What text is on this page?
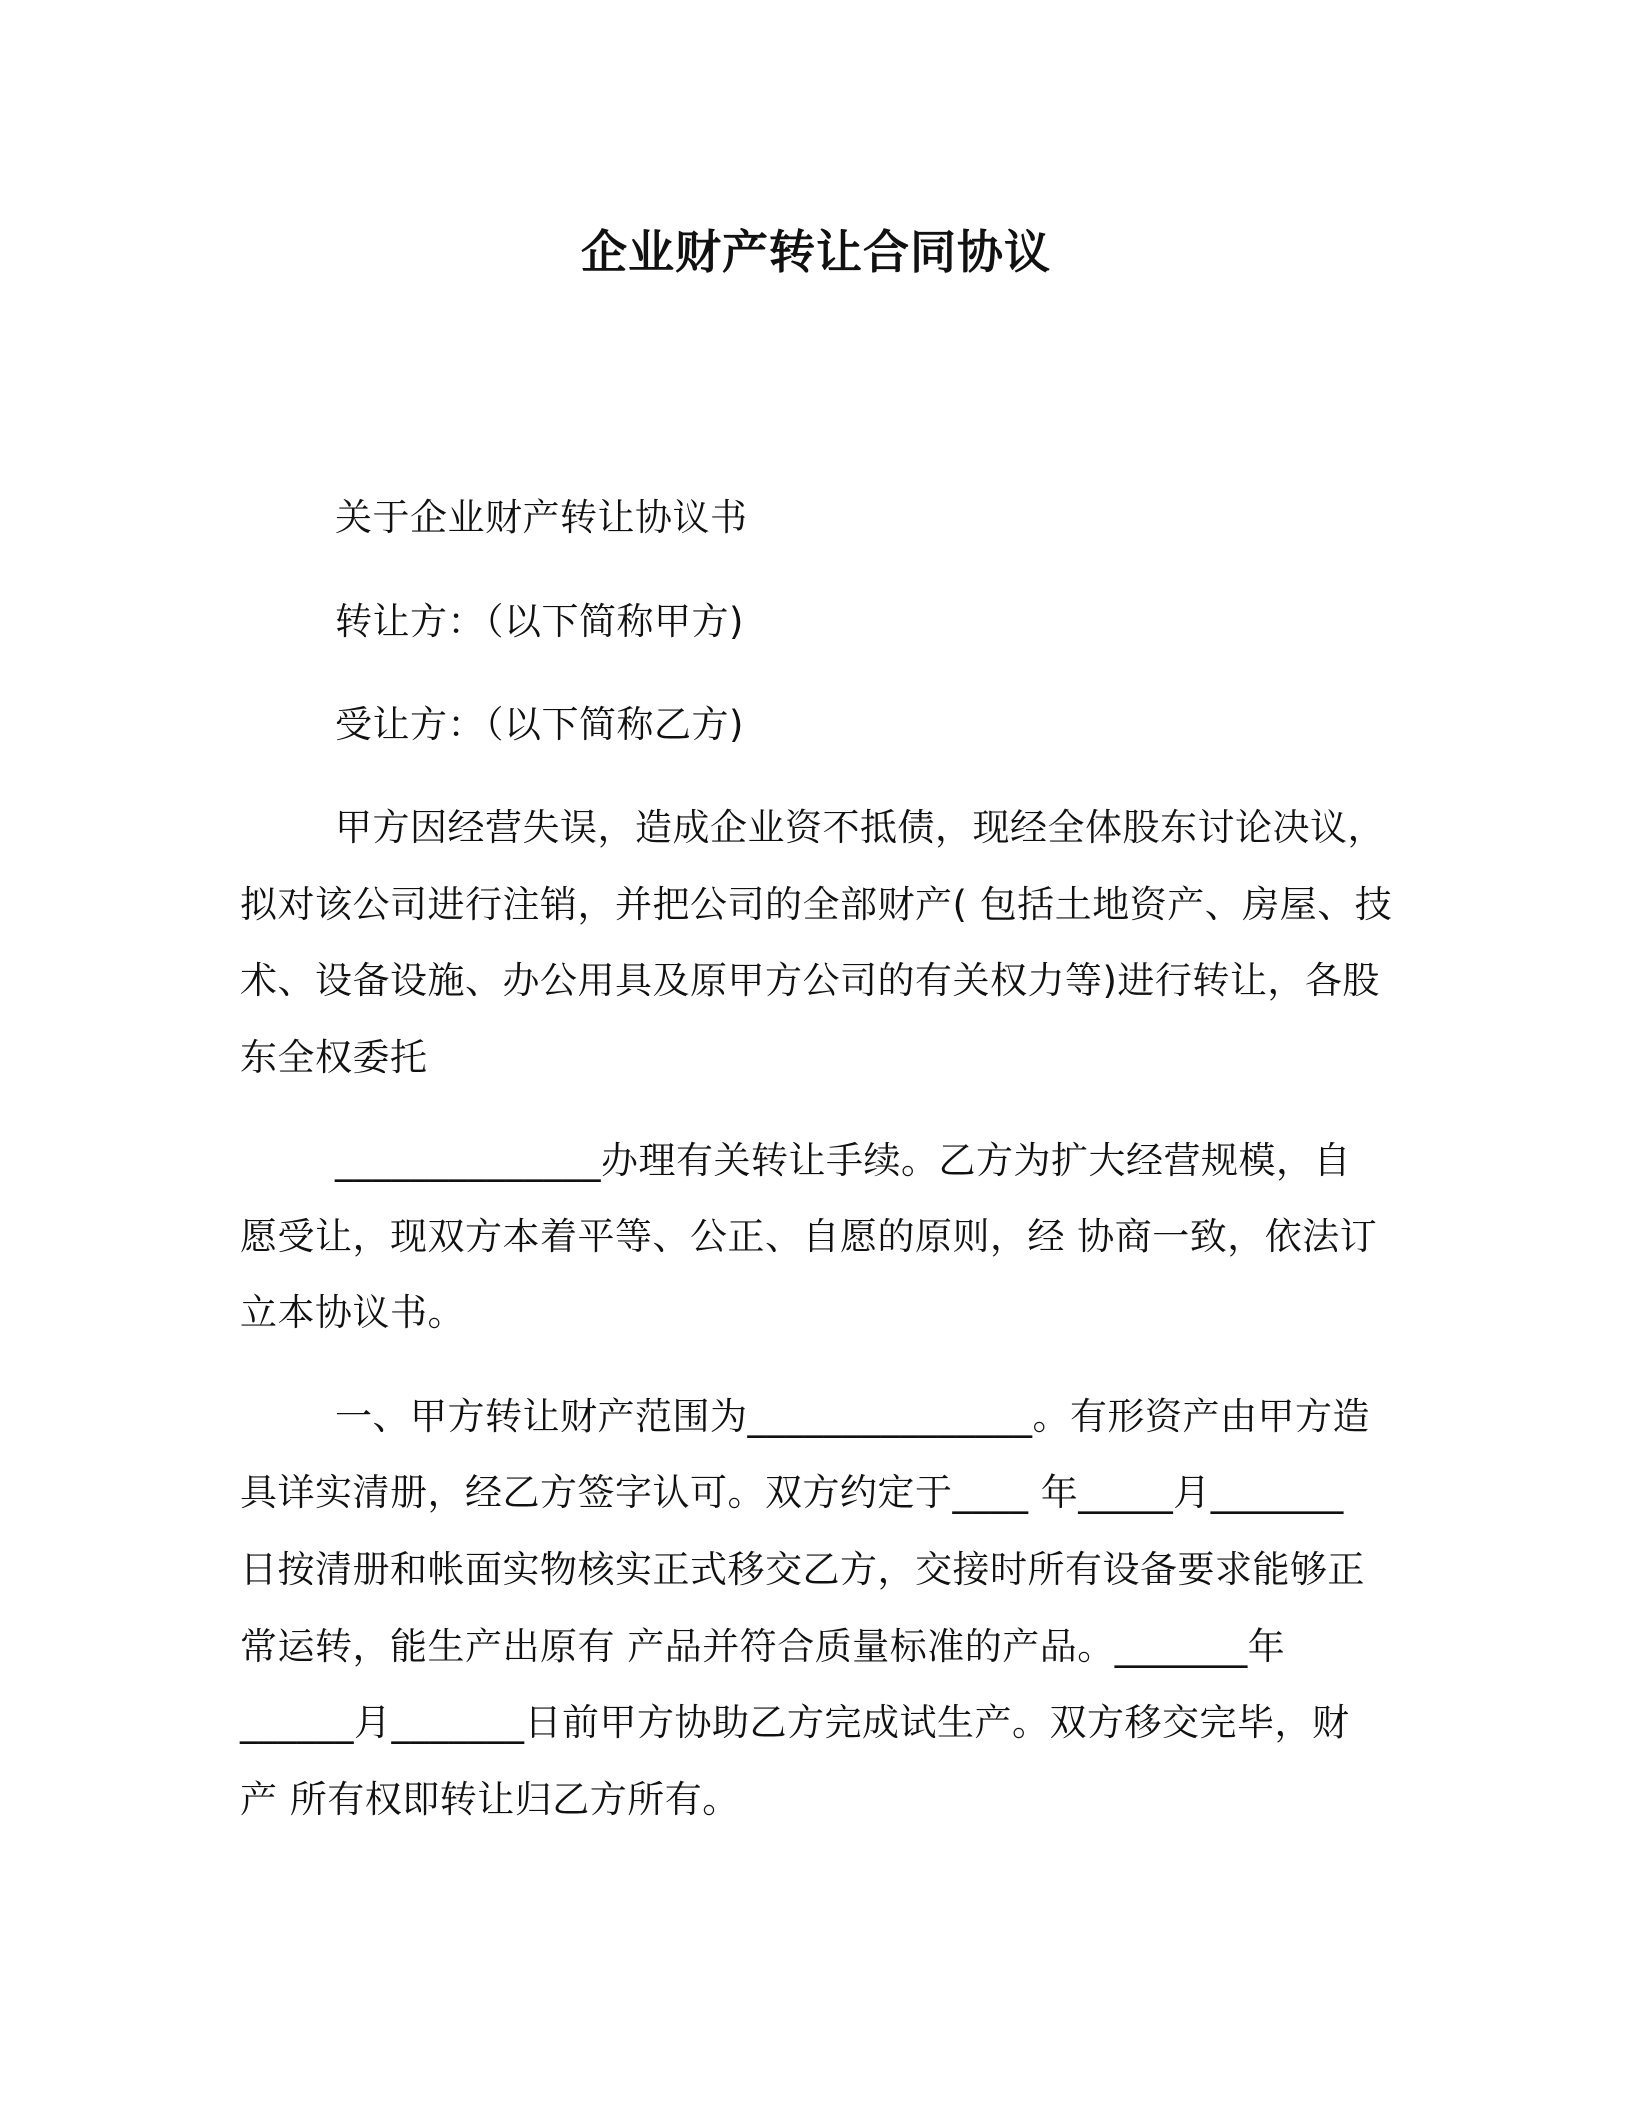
企业财产转让合同协议
关于企业财产转让协议书
转让方：（以下简称甲方)
受让方：（以下简称乙方)
甲方因经营失误，造成企业资不抵债，现经全体股东讨论决议，
拟对该公司进行注销，并把公司的全部财产( 包括土地资产、房屋、技
术、设备设施、办公用具及原甲方公司的有关权力等)进行转让，各股
东全权委托
______________办理有关转让手续。乙方为扩大经营规模，自
愿受让，现双方本着平等、公正、自愿的原则，经 协商一致，依法订
立本协议书。
一、甲方转让财产范围为_______________。有形资产由甲方造
具详实清册，经乙方签字认可。双方约定于____ 年_____月_______
日按清册和帐面实物核实正式移交乙方，交接时所有设备要求能够正
常运转，能生产出原有 产品并符合质量标准的产品。_______年
______月_______日前甲方协助乙方完成试生产。双方移交完毕，财
产 所有权即转让归乙方所有。
